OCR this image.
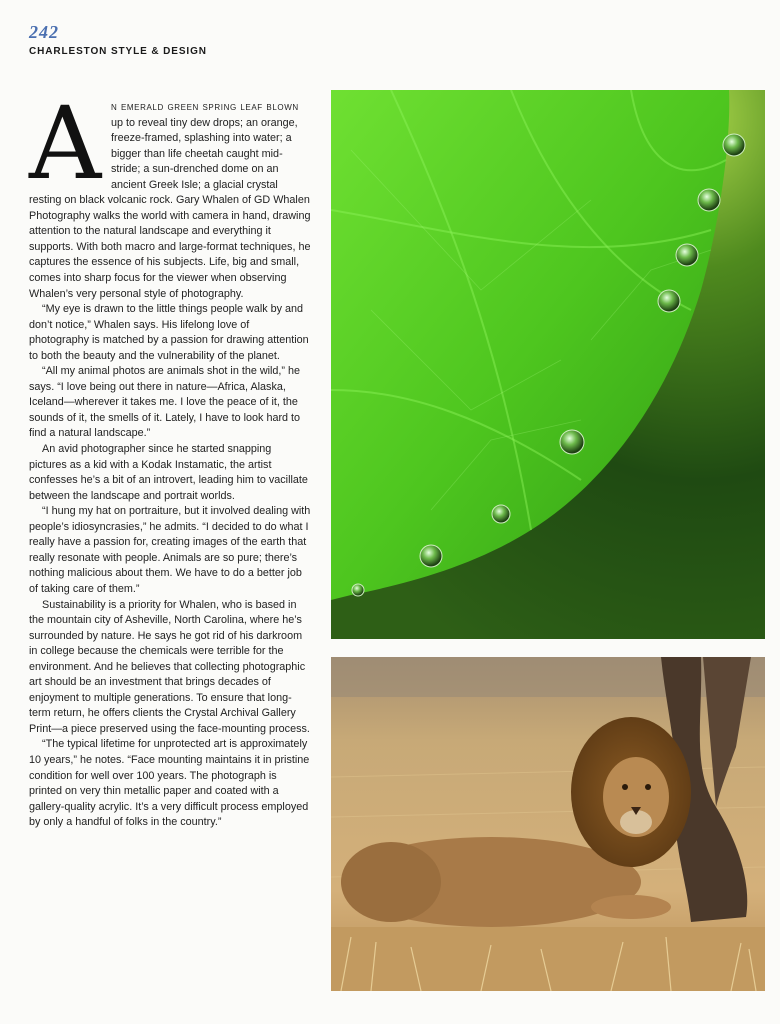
242
CHARLESTON STYLE & DESIGN

An emerald green spring leaf blown up to reveal tiny dew drops; an orange, freeze-framed, splashing into water; a bigger than life cheetah caught mid-stride; a sun-drenched dome on an ancient Greek Isle; a glacial crystal resting on black volcanic rock. Gary Whalen of GD Whalen Photography walks the world with camera in hand, drawing attention to the natural landscape and everything it supports. With both macro and large-format techniques, he captures the essence of his subjects. Life, big and small, comes into sharp focus for the viewer when observing Whalen’s very personal style of photography.

“My eye is drawn to the little things people walk by and don’t notice,” Whalen says. His lifelong love of photography is matched by a passion for drawing attention to both the beauty and the vulnerability of the planet.

“All my animal photos are animals shot in the wild,” he says. “I love being out there in nature—Africa, Alaska, Iceland—wherever it takes me. I love the peace of it, the sounds of it, the smells of it. Lately, I have to look hard to find a natural landscape.”

An avid photographer since he started snapping pictures as a kid with a Kodak Instamatic, the artist confesses he’s a bit of an introvert, leading him to vacillate between the landscape and portrait worlds.

“I hung my hat on portraiture, but it involved dealing with people’s idiosyncrasies,” he admits. “I decided to do what I really have a passion for, creating images of the earth that really resonate with people. Animals are so pure; there’s nothing malicious about them. We have to do a better job of taking care of them.”

Sustainability is a priority for Whalen, who is based in the mountain city of Asheville, North Carolina, where he’s surrounded by nature. He says he got rid of his darkroom in college because the chemicals were terrible for the environment. And he believes that collecting photographic art should be an investment that brings decades of enjoyment to multiple generations. To ensure that long-term return, he offers clients the Crystal Archival Gallery Print—a piece preserved using the face-mounting process.

“The typical lifetime for unprotected art is approximately 10 years,” he notes. “Face mounting maintains it in pristine condition for well over 100 years. The photograph is printed on very thin metallic paper and coated with a gallery-quality acrylic. It’s a very difficult process employed by only a handful of folks in the country.”
